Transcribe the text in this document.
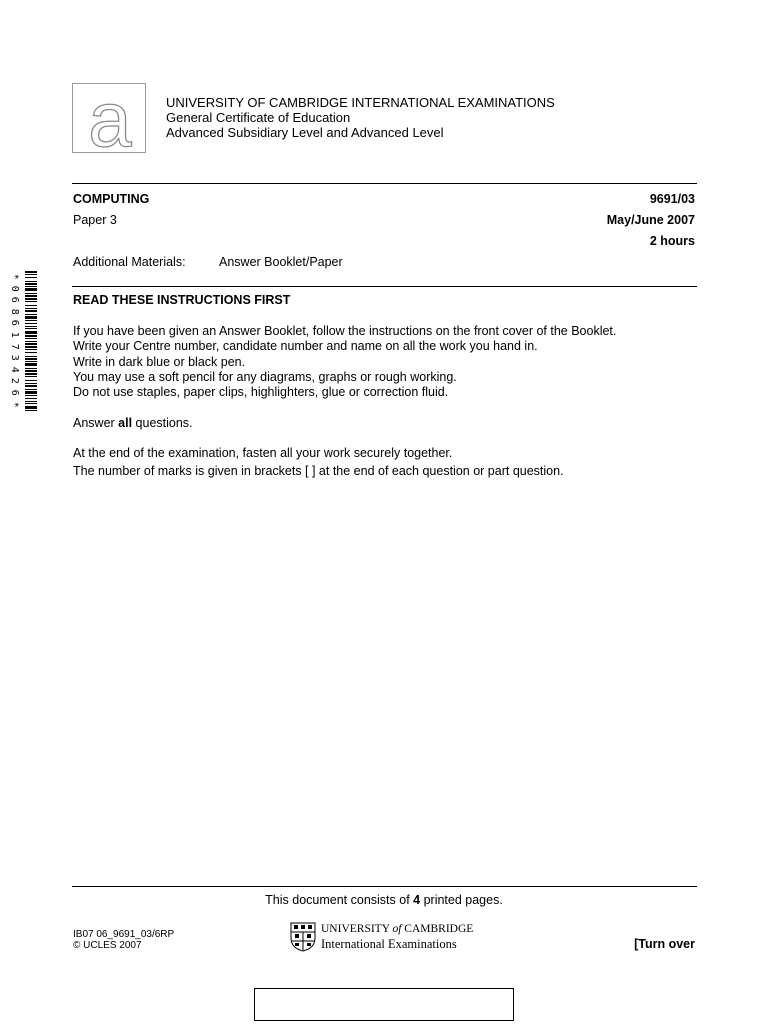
a	UNIVERSITY OF CAMBRIDGE INTERNATIONAL EXAMINATIONS
General Certificate of Education
Advanced Subsidiary Level and Advanced Level
COMPUTING	9691/03
Paper 3	May/June 2007
2 hours
Additional Materials:	Answer Booklet/Paper
*
0
6
8
6
1
7
3
4
2
6
*
READ THESE INSTRUCTIONS FIRST
If you have been given an Answer Booklet, follow the instructions on the front cover of the Booklet.
Write your Centre number, candidate number and name on all the work you hand in.
Write in dark blue or black pen.
You may use a soft pencil for any diagrams, graphs or rough working.
Do not use staples, paper clips, highlighters, glue or correction fluid.
Answer all questions.
At the end of the examination, fasten all your work securely together.
The number of marks is given in brackets [ ] at the end of each question or part question.
This document consists of 4 printed pages.
IB07 06_9691_03/6RP
© UCLES 2007
UNIVERSITY of CAMBRIDGE
International Examinations	[Turn over
